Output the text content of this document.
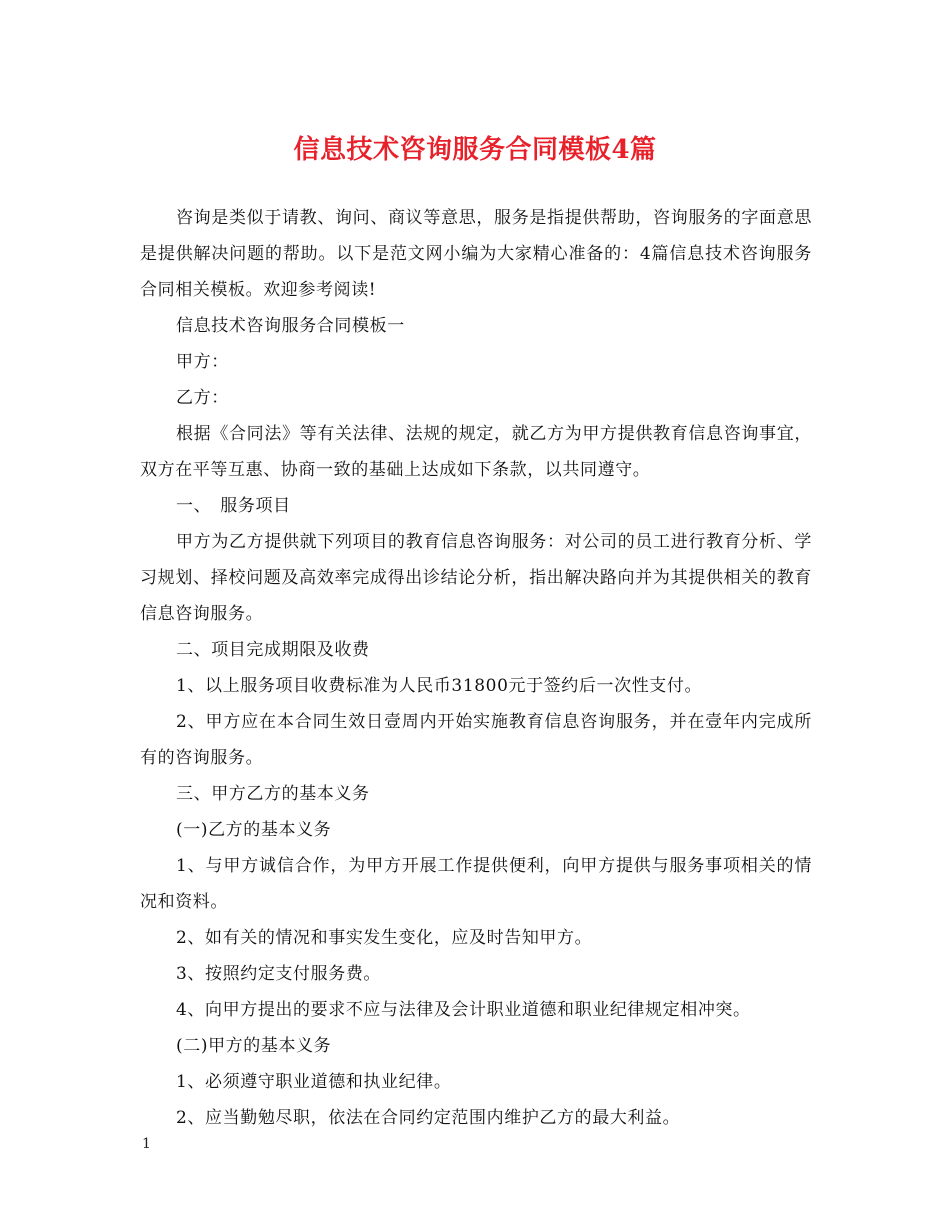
信息技术咨询服务合同模板4篇

咨询是类似于请教、询问、商议等意思，服务是指提供帮助，咨询服务的字面意思是提供解决问题的帮助。以下是范文网小编为大家精心准备的：4篇信息技术咨询服务合同相关模板。欢迎参考阅读!

信息技术咨询服务合同模板一

甲方：

乙方：

根据《合同法》等有关法律、法规的规定，就乙方为甲方提供教育信息咨询事宜，双方在平等互惠、协商一致的基础上达成如下条款，以共同遵守。

一、　服务项目

甲方为乙方提供就下列项目的教育信息咨询服务：对公司的员工进行教育分析、学习规划、择校问题及高效率完成得出诊结论分析，指出解决路向并为其提供相关的教育信息咨询服务。

二、项目完成期限及收费

1、以上服务项目收费标准为人民币31800元于签约后一次性支付。

2、甲方应在本合同生效日壹周内开始实施教育信息咨询服务，并在壹年内完成所有的咨询服务。

三、甲方乙方的基本义务

(一)乙方的基本义务

1、与甲方诚信合作，为甲方开展工作提供便利，向甲方提供与服务事项相关的情况和资料。

2、如有关的情况和事实发生变化，应及时告知甲方。

3、按照约定支付服务费。

4、向甲方提出的要求不应与法律及会计职业道德和职业纪律规定相冲突。

(二)甲方的基本义务

1、必须遵守职业道德和执业纪律。

2、应当勤勉尽职，依法在合同约定范围内维护乙方的最大利益。

1
